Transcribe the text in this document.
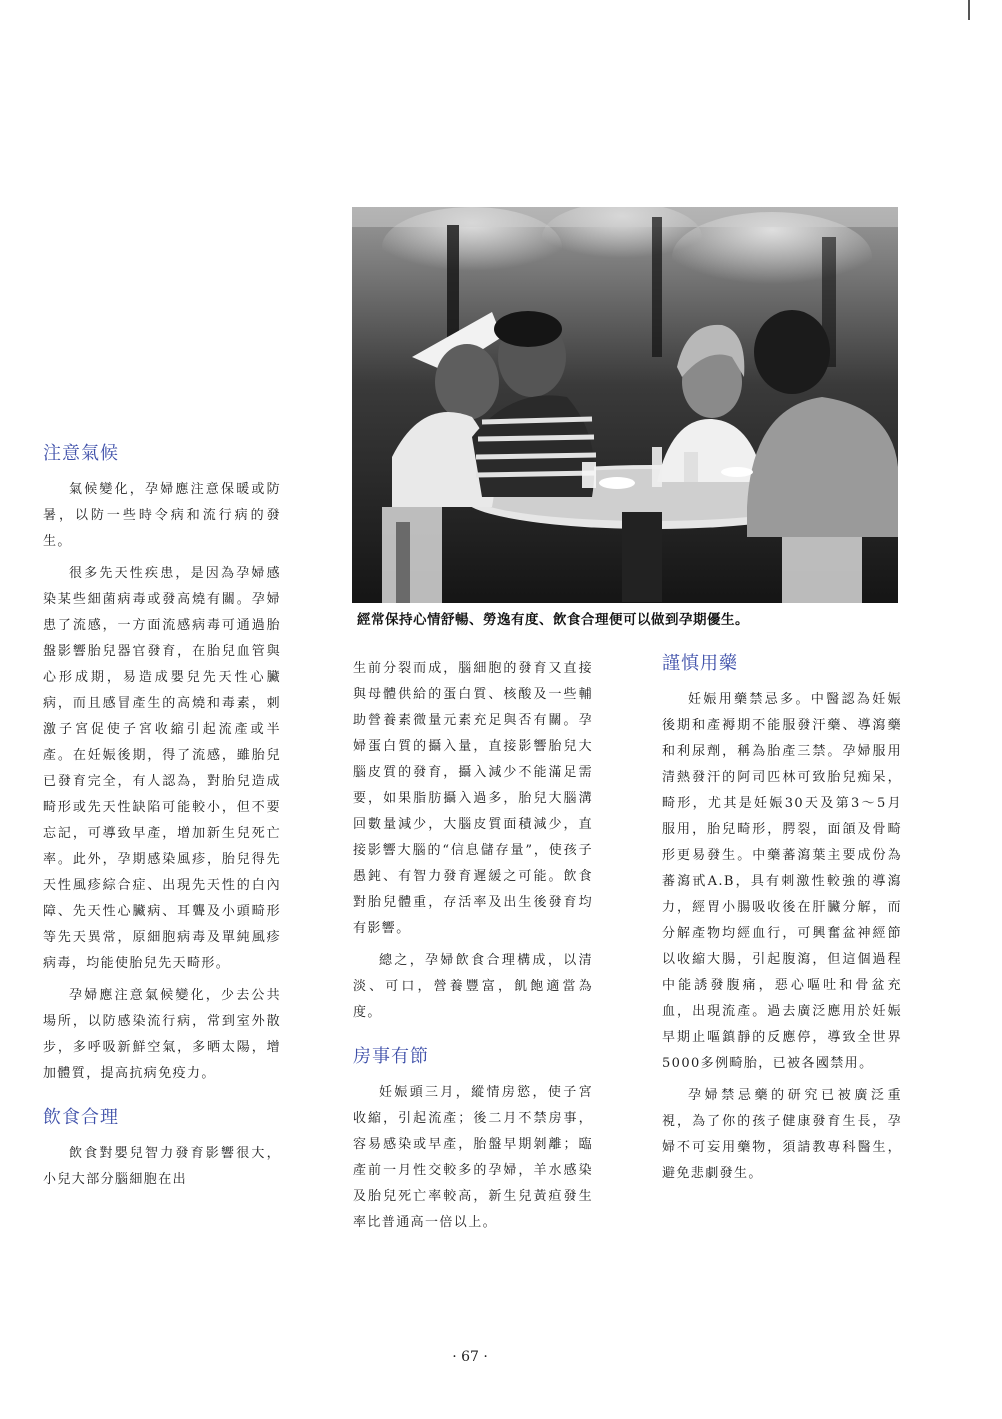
經常保持心情舒暢、勞逸有度、飲食合理便可以做到孕期優生。
注意氣候

氣候變化，孕婦應注意保暖或防暑，以防一些時令病和流行病的發生。

很多先天性疾患，是因為孕婦感染某些細菌病毒或發高燒有關。孕婦患了流感，一方面流感病毒可通過胎盤影響胎兒器官發育，在胎兒血管與心形成期，易造成嬰兒先天性心臟病，而且感冒產生的高燒和毒素，刺激子宮促使子宮收縮引起流產或半產。在妊娠後期，得了流感，雖胎兒已發育完全，有人認為，對胎兒造成畸形或先天性缺陷可能較小，但不要忘記，可導致早產，增加新生兒死亡率。此外，孕期感染風疹，胎兒得先天性風疹綜合症、出現先天性的白內障、先天性心臟病、耳聾及小頭畸形等先天異常，原細胞病毒及單純風疹病毒，均能使胎兒先天畸形。

孕婦應注意氣候變化，少去公共場所，以防感染流行病，常到室外散步，多呼吸新鮮空氣，多晒太陽，增加體質，提高抗病免疫力。

飲食合理

飲食對嬰兒智力發育影響很大，小兒大部分腦細胞在出

生前分裂而成，腦細胞的發育又直接與母體供給的蛋白質、核酸及一些輔助營養素微量元素充足與否有關。孕婦蛋白質的攝入量，直接影響胎兒大腦皮質的發育，攝入減少不能滿足需要，如果脂肪攝入過多，胎兒大腦溝回數量減少，大腦皮質面積減少，直接影響大腦的“信息儲存量”，使孩子愚鈍、有智力發育遲緩之可能。飲食對胎兒體重，存活率及出生後發育均有影響。

總之，孕婦飲食合理構成，以清淡、可口，營養豐富，飢飽適當為度。

房事有節

妊娠頭三月，縱情房慾，使子宮收縮，引起流產；後二月不禁房事，容易感染或早產，胎盤早期剝離；臨產前一月性交較多的孕婦，羊水感染及胎兒死亡率較高，新生兒黃疸發生率比普通高一倍以上。

謹慎用藥

妊娠用藥禁忌多。中醫認為妊娠後期和產褥期不能服發汗藥、導瀉藥和利尿劑，稱為胎產三禁。孕婦服用清熱發汗的阿司匹林可致胎兒痴呆，畸形，尤其是妊娠30天及第3～5月服用，胎兒畸形，腭裂，面頜及骨畸形更易發生。中藥蕃瀉葉主要成份為蕃瀉甙A.B，具有刺激性較強的導瀉力，經胃小腸吸收後在肝臟分解，而分解產物均經血行，可興奮盆神經節以收縮大腸，引起腹瀉，但這個過程中能誘發腹痛，惡心嘔吐和骨盆充血，出現流產。過去廣泛應用於妊娠早期止嘔鎮靜的反應停，導致全世界5000多例畸胎，已被各國禁用。

孕婦禁忌藥的研究已被廣泛重視，為了你的孩子健康發育生長，孕婦不可妄用藥物，須請教專科醫生，避免悲劇發生。

· 67 ·
